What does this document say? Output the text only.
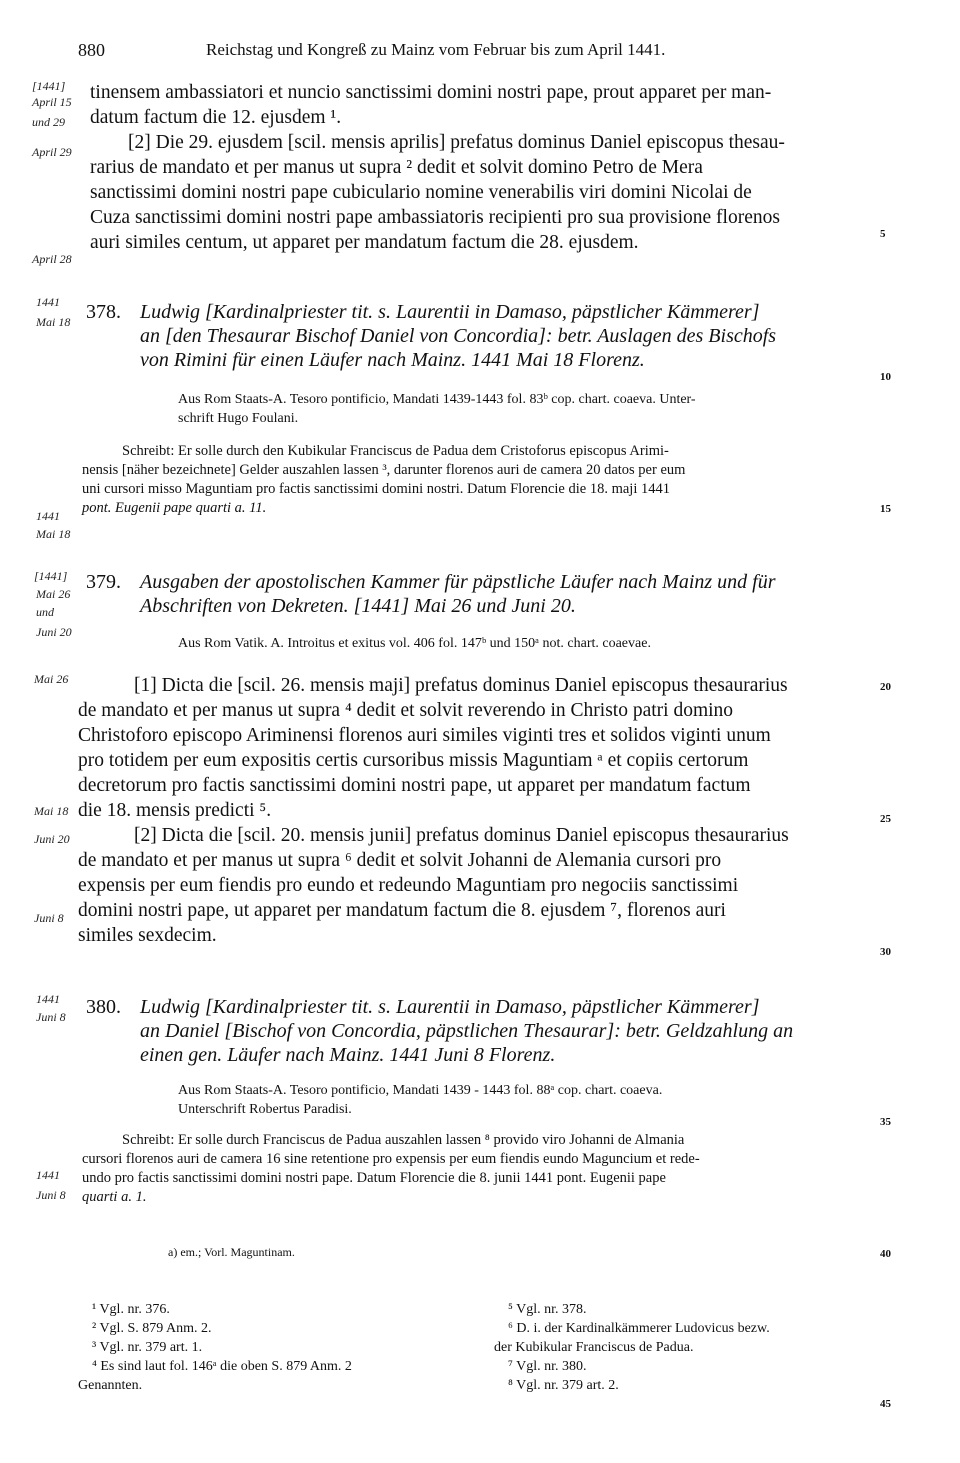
880	Reichstag und Kongreß zu Mainz vom Februar bis zum April 1441.
[1441]
April 15
und 29
April 29
April 28
1441
Mai 18
1441
Mai 18
[1441]
Mai 26
und
Juni 20
Mai 26
Mai 18
Juni 20
Juni 8
1441
Juni 8
1441
Juni 8
5
10
15
20
25
30
35
40
45
tinensem ambassiatori et nuncio sanctissimi domini nostri pape, prout apparet per man-
datum factum die 12. ejusdem ¹.
[2] Die 29. ejusdem [scil. mensis aprilis] prefatus dominus Daniel episcopus thesau-
rarius de mandato et per manus ut supra ² dedit et solvit domino Petro de Mera
sanctissimi domini nostri pape cubiculario nomine venerabilis viri domini Nicolai de
Cuza sanctissimi domini nostri pape ambassiatoris recipienti pro sua provisione florenos
auri similes centum, ut apparet per mandatum factum die 28. ejusdem.
378. Ludwig [Kardinalpriester tit. s. Laurentii in Damaso, päpstlicher Kämmerer]
an [den Thesaurar Bischof Daniel von Concordia]: betr. Auslagen des Bischofs
von Rimini für einen Läufer nach Mainz. 1441 Mai 18 Florenz.
Aus Rom Staats-A. Tesoro pontificio, Mandati 1439-1443 fol. 83ᵇ cop. chart. coaeva. Unter-
schrift Hugo Foulani.
Schreibt: Er solle durch den Kubikular Franciscus de Padua dem Cristoforus episcopus Arimi-
nensis [näher bezeichnete] Gelder auszahlen lassen ³, darunter florenos auri de camera 20 datos per eum
uni cursori misso Maguntiam pro factis sanctissimi domini nostri. Datum Florencie die 18. maji 1441
pont. Eugenii pape quarti a. 11.
379. Ausgaben der apostolischen Kammer für päpstliche Läufer nach Mainz und für
Abschriften von Dekreten. [1441] Mai 26 und Juni 20.
Aus Rom Vatik. A. Introitus et exitus vol. 406 fol. 147ᵇ und 150ᵃ not. chart. coaevae.
[1] Dicta die [scil. 26. mensis maji] prefatus dominus Daniel episcopus thesaurarius
de mandato et per manus ut supra ⁴ dedit et solvit reverendo in Christo patri domino
Christoforo episcopo Ariminensi florenos auri similes viginti tres et solidos viginti unum
pro totidem per eum expositis certis cursoribus missis Maguntiam ᵃ et copiis certorum
decretorum pro factis sanctissimi domini nostri pape, ut apparet per mandatum factum
die 18. mensis predicti ⁵.
[2] Dicta die [scil. 20. mensis junii] prefatus dominus Daniel episcopus thesaurarius
de mandato et per manus ut supra ⁶ dedit et solvit Johanni de Alemania cursori pro
expensis per eum fiendis pro eundo et redeundo Maguntiam pro negociis sanctissimi
domini nostri pape, ut apparet per mandatum factum die 8. ejusdem ⁷, florenos auri
similes sexdecim.
380. Ludwig [Kardinalpriester tit. s. Laurentii in Damaso, päpstlicher Kämmerer]
an Daniel [Bischof von Concordia, päpstlichen Thesaurar]: betr. Geldzahlung an
einen gen. Läufer nach Mainz. 1441 Juni 8 Florenz.
Aus Rom Staats-A. Tesoro pontificio, Mandati 1439 - 1443 fol. 88ᵃ cop. chart. coaeva.
Unterschrift Robertus Paradisi.
Schreibt: Er solle durch Franciscus de Padua auszahlen lassen ⁸ provido viro Johanni de Almania
cursori florenos auri de camera 16 sine retentione pro expensis per eum fiendis eundo Maguncium et rede-
undo pro factis sanctissimi domini nostri pape. Datum Florencie die 8. junii 1441 pont. Eugenii pape
quarti a. 1.
a) em.; Vorl. Maguntinam.
¹ Vgl. nr. 376.
² Vgl. S. 879 Anm. 2.
³ Vgl. nr. 379 art. 1.
⁴ Es sind laut fol. 146ᵃ die oben S. 879 Anm. 2
Genannten.
⁵ Vgl. nr. 378.
⁶ D. i. der Kardinalkämmerer Ludovicus bezw.
der Kubikular Franciscus de Padua.
⁷ Vgl. nr. 380.
⁸ Vgl. nr. 379 art. 2.
